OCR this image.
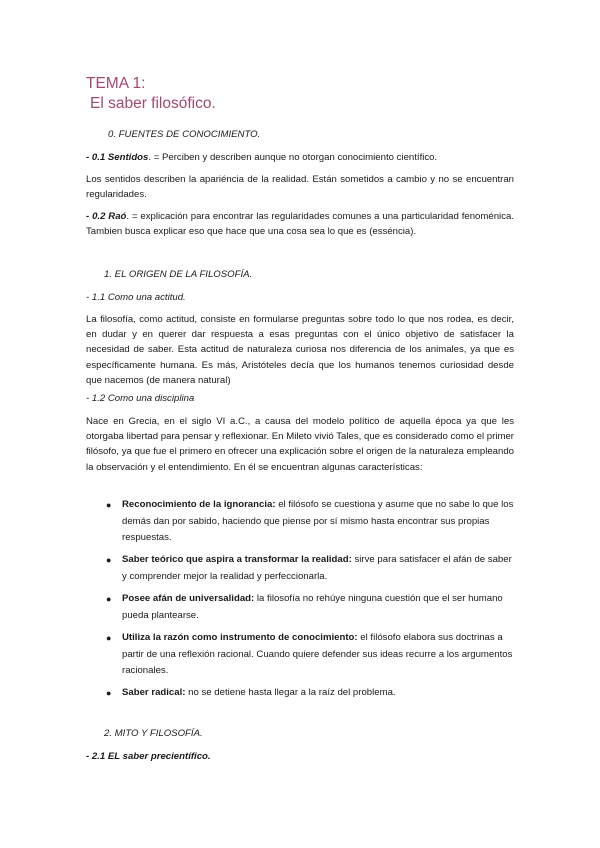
TEMA 1:
El saber filosófico.

0. FUENTES DE CONOCIMIENTO.

- 0.1 Sentidos. = Perciben y describen aunque no otorgan conocimiento científico.

Los sentidos describen la apariéncia de la realidad. Están sometidos a cambio y no se encuentran regularidades.

- 0.2 Raó. = explicación para encontrar las regularidades comunes a una particularidad fenoménica. Tambien busca explicar eso que hace que una cosa sea lo que es (esséncia).

1. EL ORIGEN DE LA FILOSOFÍA.

- 1.1 Como una actitud.

La filosofía, como actitud, consiste en formularse preguntas sobre todo lo que nos rodea, es decir, en dudar y en querer dar respuesta a esas preguntas con el único objetivo de satisfacer la necesidad de saber. Esta actitud de naturaleza curiosa nos diferencia de los animales, ya que es específicamente humana. Es más, Aristóteles decía que los humanos tenemos curiosidad desde que nacemos (de manera natural)

- 1.2 Como una disciplina

Nace en Grecia, en el siglo VI a.C., a causa del modelo político de aquella época ya que les otorgaba libertad para pensar y reflexionar. En Mileto vivió Tales, que es considerado como el primer filósofo, ya que fue el primero en ofrecer una explicación sobre el origen de la naturaleza empleando la observación y el entendimiento. En él se encuentran algunas características:

● Reconocimiento de la ignorancia: el filósofo se cuestiona y asume que no sabe lo que los demás dan por sabido, haciendo que piense por sí mismo hasta encontrar sus propias respuestas.
● Saber teórico que aspira a transformar la realidad: sirve para satisfacer el afán de saber y comprender mejor la realidad y perfeccionarla.
● Posee afán de universalidad: la filosofía no rehúye ninguna cuestión que el ser humano pueda plantearse.
● Utiliza la razón como instrumento de conocimiento: el filósofo elabora sus doctrinas a partir de una reflexión racional. Cuando quiere defender sus ideas recurre a los argumentos racionales.
● Saber radical: no se detiene hasta llegar a la raíz del problema.

2. MITO Y FILOSOFÍA.

- 2.1 EL saber precientífico.
